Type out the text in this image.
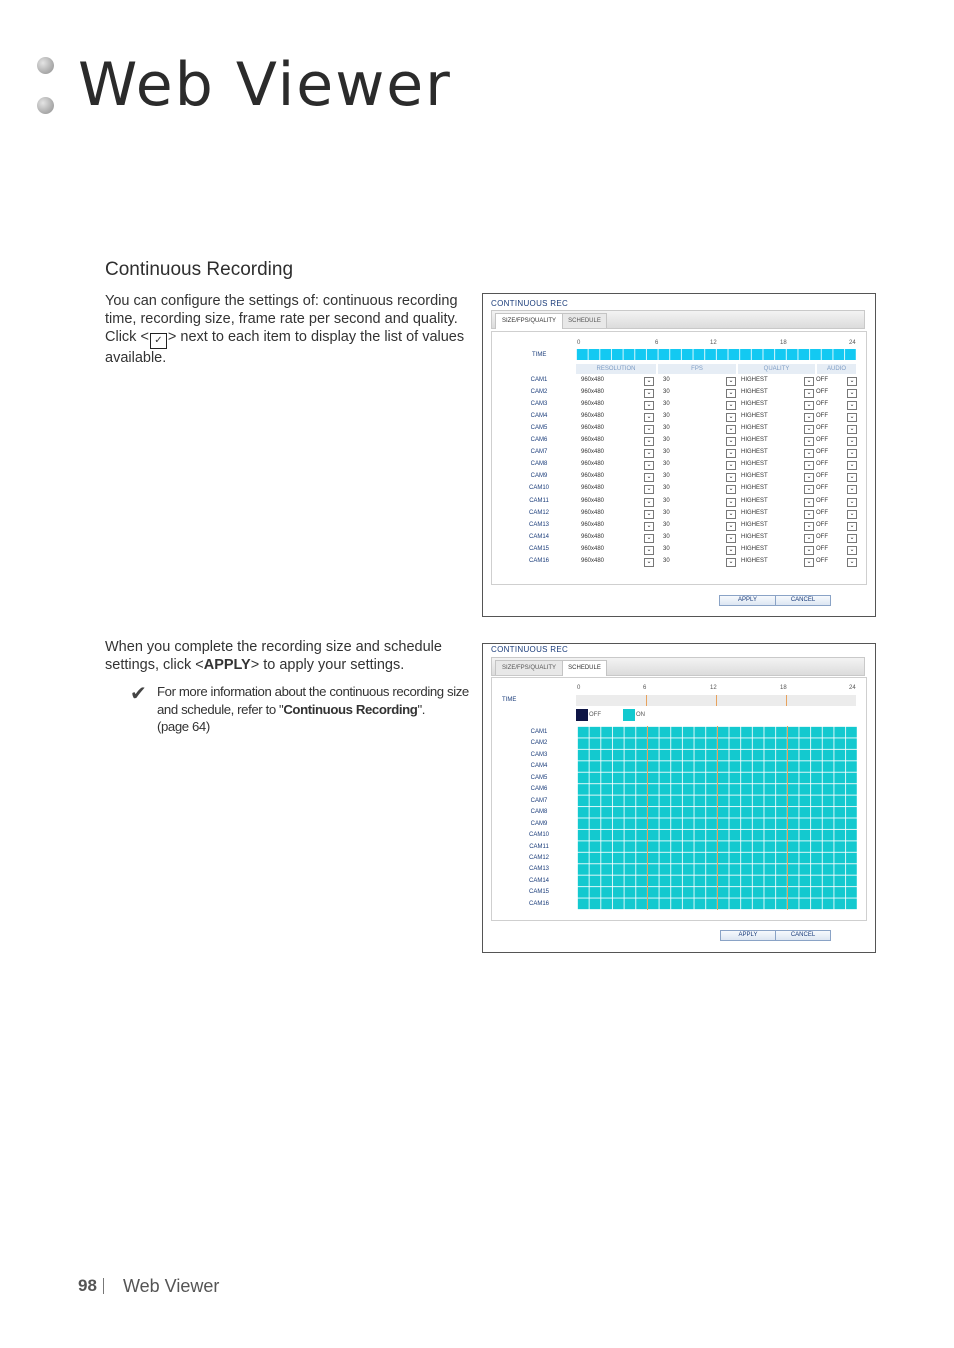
Web Viewer
Continuous Recording
You can configure the settings of: continuous recording time, recording size, frame rate per second and quality. Click < ✓ > next to each item to display the list of values available.
When you complete the recording size and schedule settings, click <APPLY> to apply your settings.
✔ For more information about the continuous recording size and schedule, refer to "Continuous Recording".
(page 64)
CONTINUOUS REC
SIZE/FPS/QUALITY	SCHEDULE
TIME
0	6	12	18	24
RESOLUTION	FPS	QUALITY	AUDIO
CAM1	960x480	⌄	30	⌄	HIGHEST	⌄ OFF	⌄
CAM2	960x480	⌄	30	⌄	HIGHEST	⌄ OFF	⌄
CAM3	960x480	⌄	30	⌄	HIGHEST	⌄ OFF	⌄
CAM4	960x480	⌄	30	⌄	HIGHEST	⌄ OFF	⌄
CAM5	960x480	⌄	30	⌄	HIGHEST	⌄ OFF	⌄
CAM6	960x480	⌄	30	⌄	HIGHEST	⌄ OFF	⌄
CAM7	960x480	⌄	30	⌄	HIGHEST	⌄ OFF	⌄
CAM8	960x480	⌄	30	⌄	HIGHEST	⌄ OFF	⌄
CAM9	960x480	⌄	30	⌄	HIGHEST	⌄ OFF	⌄
CAM10	960x480	⌄	30	⌄	HIGHEST	⌄ OFF	⌄
CAM11	960x480	⌄	30	⌄	HIGHEST	⌄ OFF	⌄
CAM12	960x480	⌄	30	⌄	HIGHEST	⌄ OFF	⌄
CAM13	960x480	⌄	30	⌄	HIGHEST	⌄ OFF	⌄
CAM14	960x480	⌄	30	⌄	HIGHEST	⌄ OFF	⌄
CAM15	960x480	⌄	30	⌄	HIGHEST	⌄ OFF	⌄
CAM16	960x480	⌄	30	⌄	HIGHEST	⌄ OFF	⌄
APPLY	CANCEL
CONTINUOUS REC
SIZE/FPS/QUALITY	SCHEDULE
0	6	12	18	24
TIME
OFF	ON
CAM1
CAM2
CAM3
CAM4
CAM5
CAM6
CAM7
CAM8
CAM9
CAM10
CAM11
CAM12
CAM13
CAM14
CAM15
CAM16
APPLY	CANCEL
98 Web Viewer
